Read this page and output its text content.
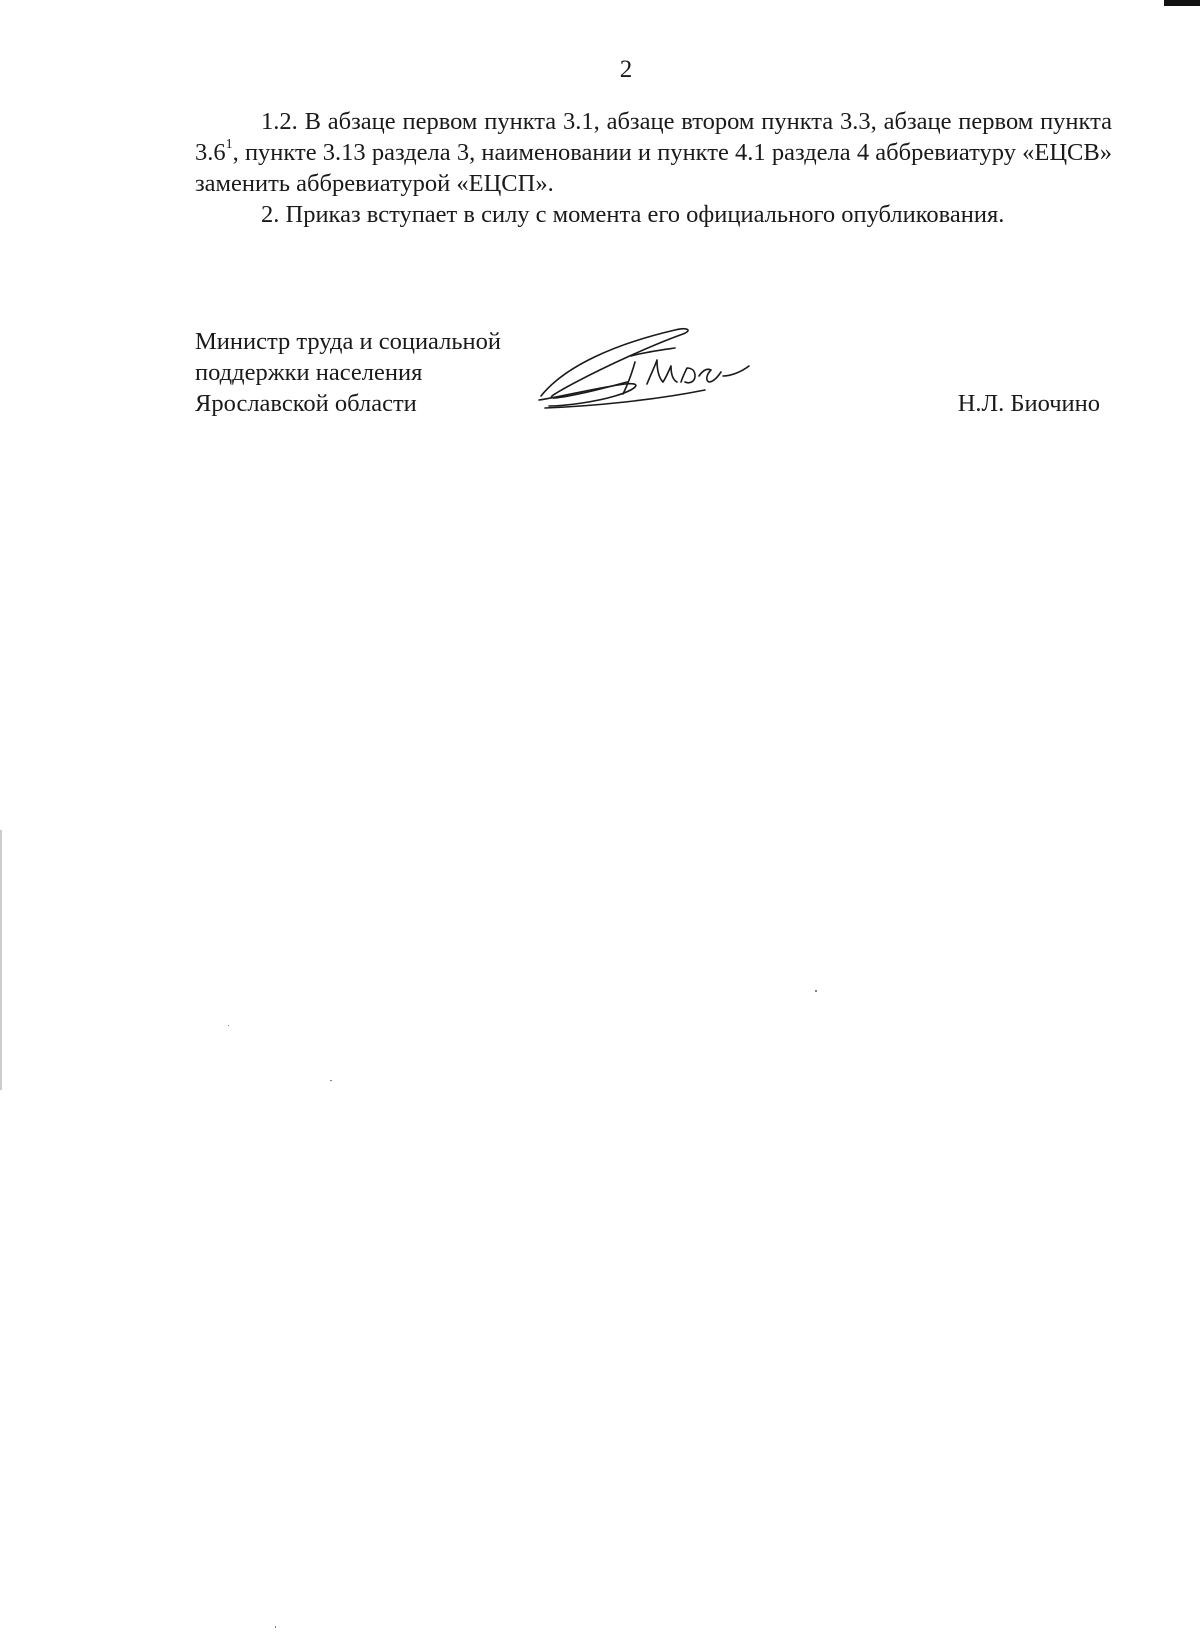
2

1.2. В абзаце первом пункта 3.1, абзаце втором пункта 3.3, абзаце первом пункта $3.6^1$, пункте 3.13 раздела 3, наименовании и пункте 4.1 раздела 4 аббревиатуру «ЕЦСВ» заменить аббревиатурой «ЕЦСП».

2. Приказ вступает в силу с момента его официального опубликования.

Министр труда и социальной
поддержки населения
Ярославской области	Н.Л. Биочино
